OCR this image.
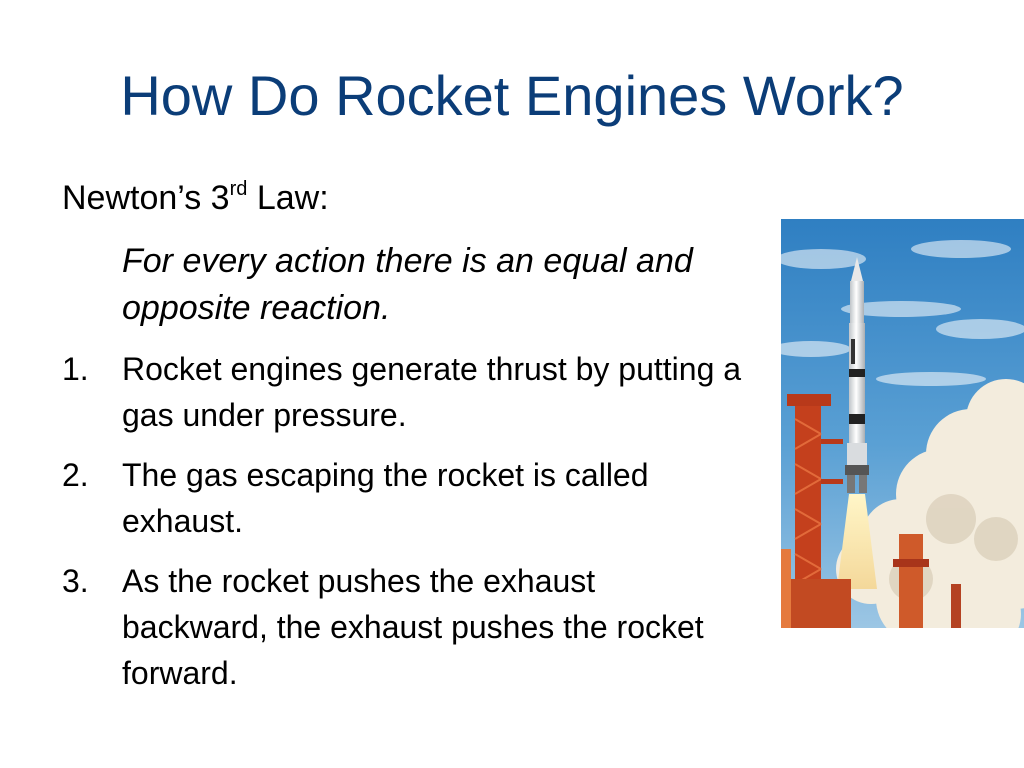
How Do Rocket Engines Work?
Newton’s 3rd Law:
For every action there is an equal and opposite reaction.
1. Rocket engines generate thrust by putting a gas under pressure.
2. The gas escaping the rocket is called exhaust.
3. As the rocket pushes the exhaust backward, the exhaust pushes the rocket forward.
